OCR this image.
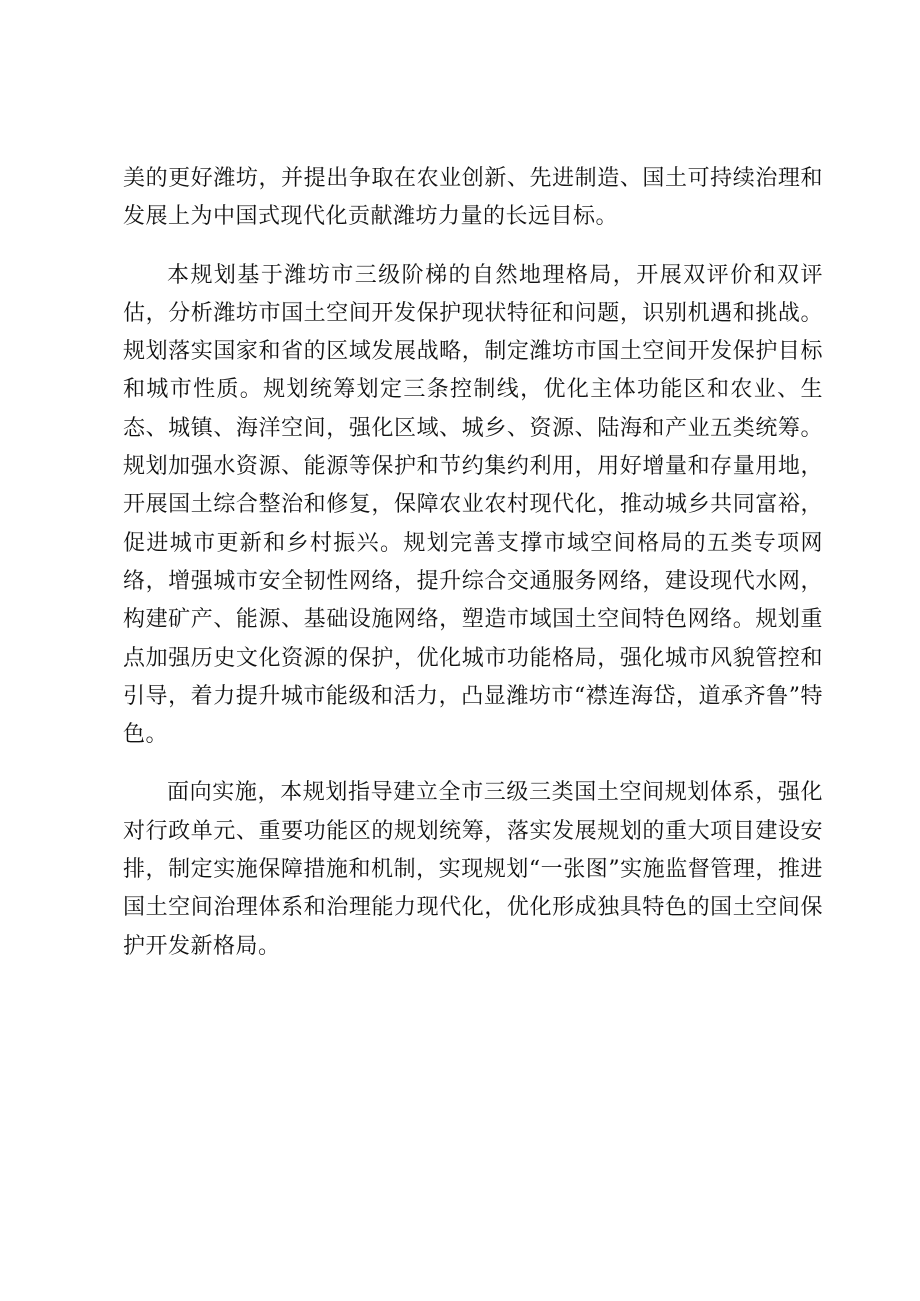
美的更好潍坊，并提出争取在农业创新、先进制造、国土可持续治理和发展上为中国式现代化贡献潍坊力量的长远目标。

本规划基于潍坊市三级阶梯的自然地理格局，开展双评价和双评估，分析潍坊市国土空间开发保护现状特征和问题，识别机遇和挑战。规划落实国家和省的区域发展战略，制定潍坊市国土空间开发保护目标和城市性质。规划统筹划定三条控制线，优化主体功能区和农业、生态、城镇、海洋空间，强化区域、城乡、资源、陆海和产业五类统筹。规划加强水资源、能源等保护和节约集约利用，用好增量和存量用地，开展国土综合整治和修复，保障农业农村现代化，推动城乡共同富裕，促进城市更新和乡村振兴。规划完善支撑市域空间格局的五类专项网络，增强城市安全韧性网络，提升综合交通服务网络，建设现代水网，构建矿产、能源、基础设施网络，塑造市域国土空间特色网络。规划重点加强历史文化资源的保护，优化城市功能格局，强化城市风貌管控和引导，着力提升城市能级和活力，凸显潍坊市“襟连海岱，道承齐鲁”特色。

面向实施，本规划指导建立全市三级三类国土空间规划体系，强化对行政单元、重要功能区的规划统筹，落实发展规划的重大项目建设安排，制定实施保障措施和机制，实现规划“一张图”实施监督管理，推进国土空间治理体系和治理能力现代化，优化形成独具特色的国土空间保护开发新格局。
